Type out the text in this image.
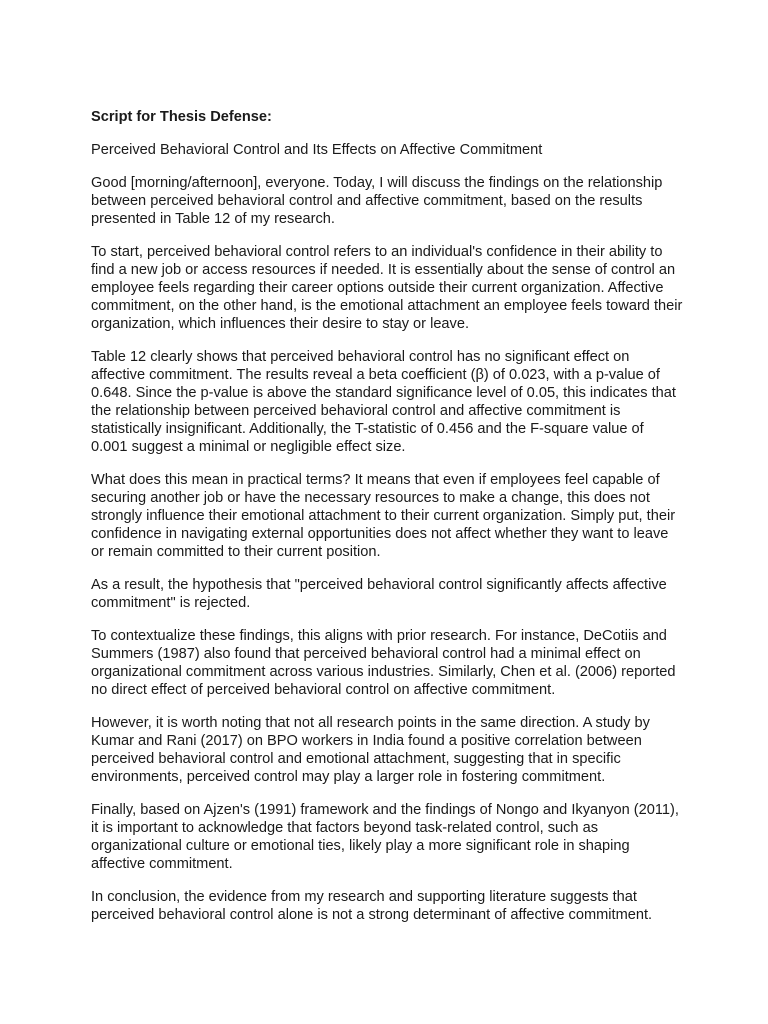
Script for Thesis Defense:

Perceived Behavioral Control and Its Effects on Affective Commitment

Good [morning/afternoon], everyone. Today, I will discuss the findings on the relationship between perceived behavioral control and affective commitment, based on the results presented in Table 12 of my research.

To start, perceived behavioral control refers to an individual's confidence in their ability to find a new job or access resources if needed. It is essentially about the sense of control an employee feels regarding their career options outside their current organization. Affective commitment, on the other hand, is the emotional attachment an employee feels toward their organization, which influences their desire to stay or leave.

Table 12 clearly shows that perceived behavioral control has no significant effect on affective commitment. The results reveal a beta coefficient (β) of 0.023, with a p-value of 0.648. Since the p-value is above the standard significance level of 0.05, this indicates that the relationship between perceived behavioral control and affective commitment is statistically insignificant. Additionally, the T-statistic of 0.456 and the F-square value of 0.001 suggest a minimal or negligible effect size.

What does this mean in practical terms? It means that even if employees feel capable of securing another job or have the necessary resources to make a change, this does not strongly influence their emotional attachment to their current organization. Simply put, their confidence in navigating external opportunities does not affect whether they want to leave or remain committed to their current position.

As a result, the hypothesis that "perceived behavioral control significantly affects affective commitment" is rejected.

To contextualize these findings, this aligns with prior research. For instance, DeCotiis and Summers (1987) also found that perceived behavioral control had a minimal effect on organizational commitment across various industries. Similarly, Chen et al. (2006) reported no direct effect of perceived behavioral control on affective commitment.

However, it is worth noting that not all research points in the same direction. A study by Kumar and Rani (2017) on BPO workers in India found a positive correlation between perceived behavioral control and emotional attachment, suggesting that in specific environments, perceived control may play a larger role in fostering commitment.

Finally, based on Ajzen's (1991) framework and the findings of Nongo and Ikyanyon (2011), it is important to acknowledge that factors beyond task-related control, such as organizational culture or emotional ties, likely play a more significant role in shaping affective commitment.

In conclusion, the evidence from my research and supporting literature suggests that perceived behavioral control alone is not a strong determinant of affective commitment.
